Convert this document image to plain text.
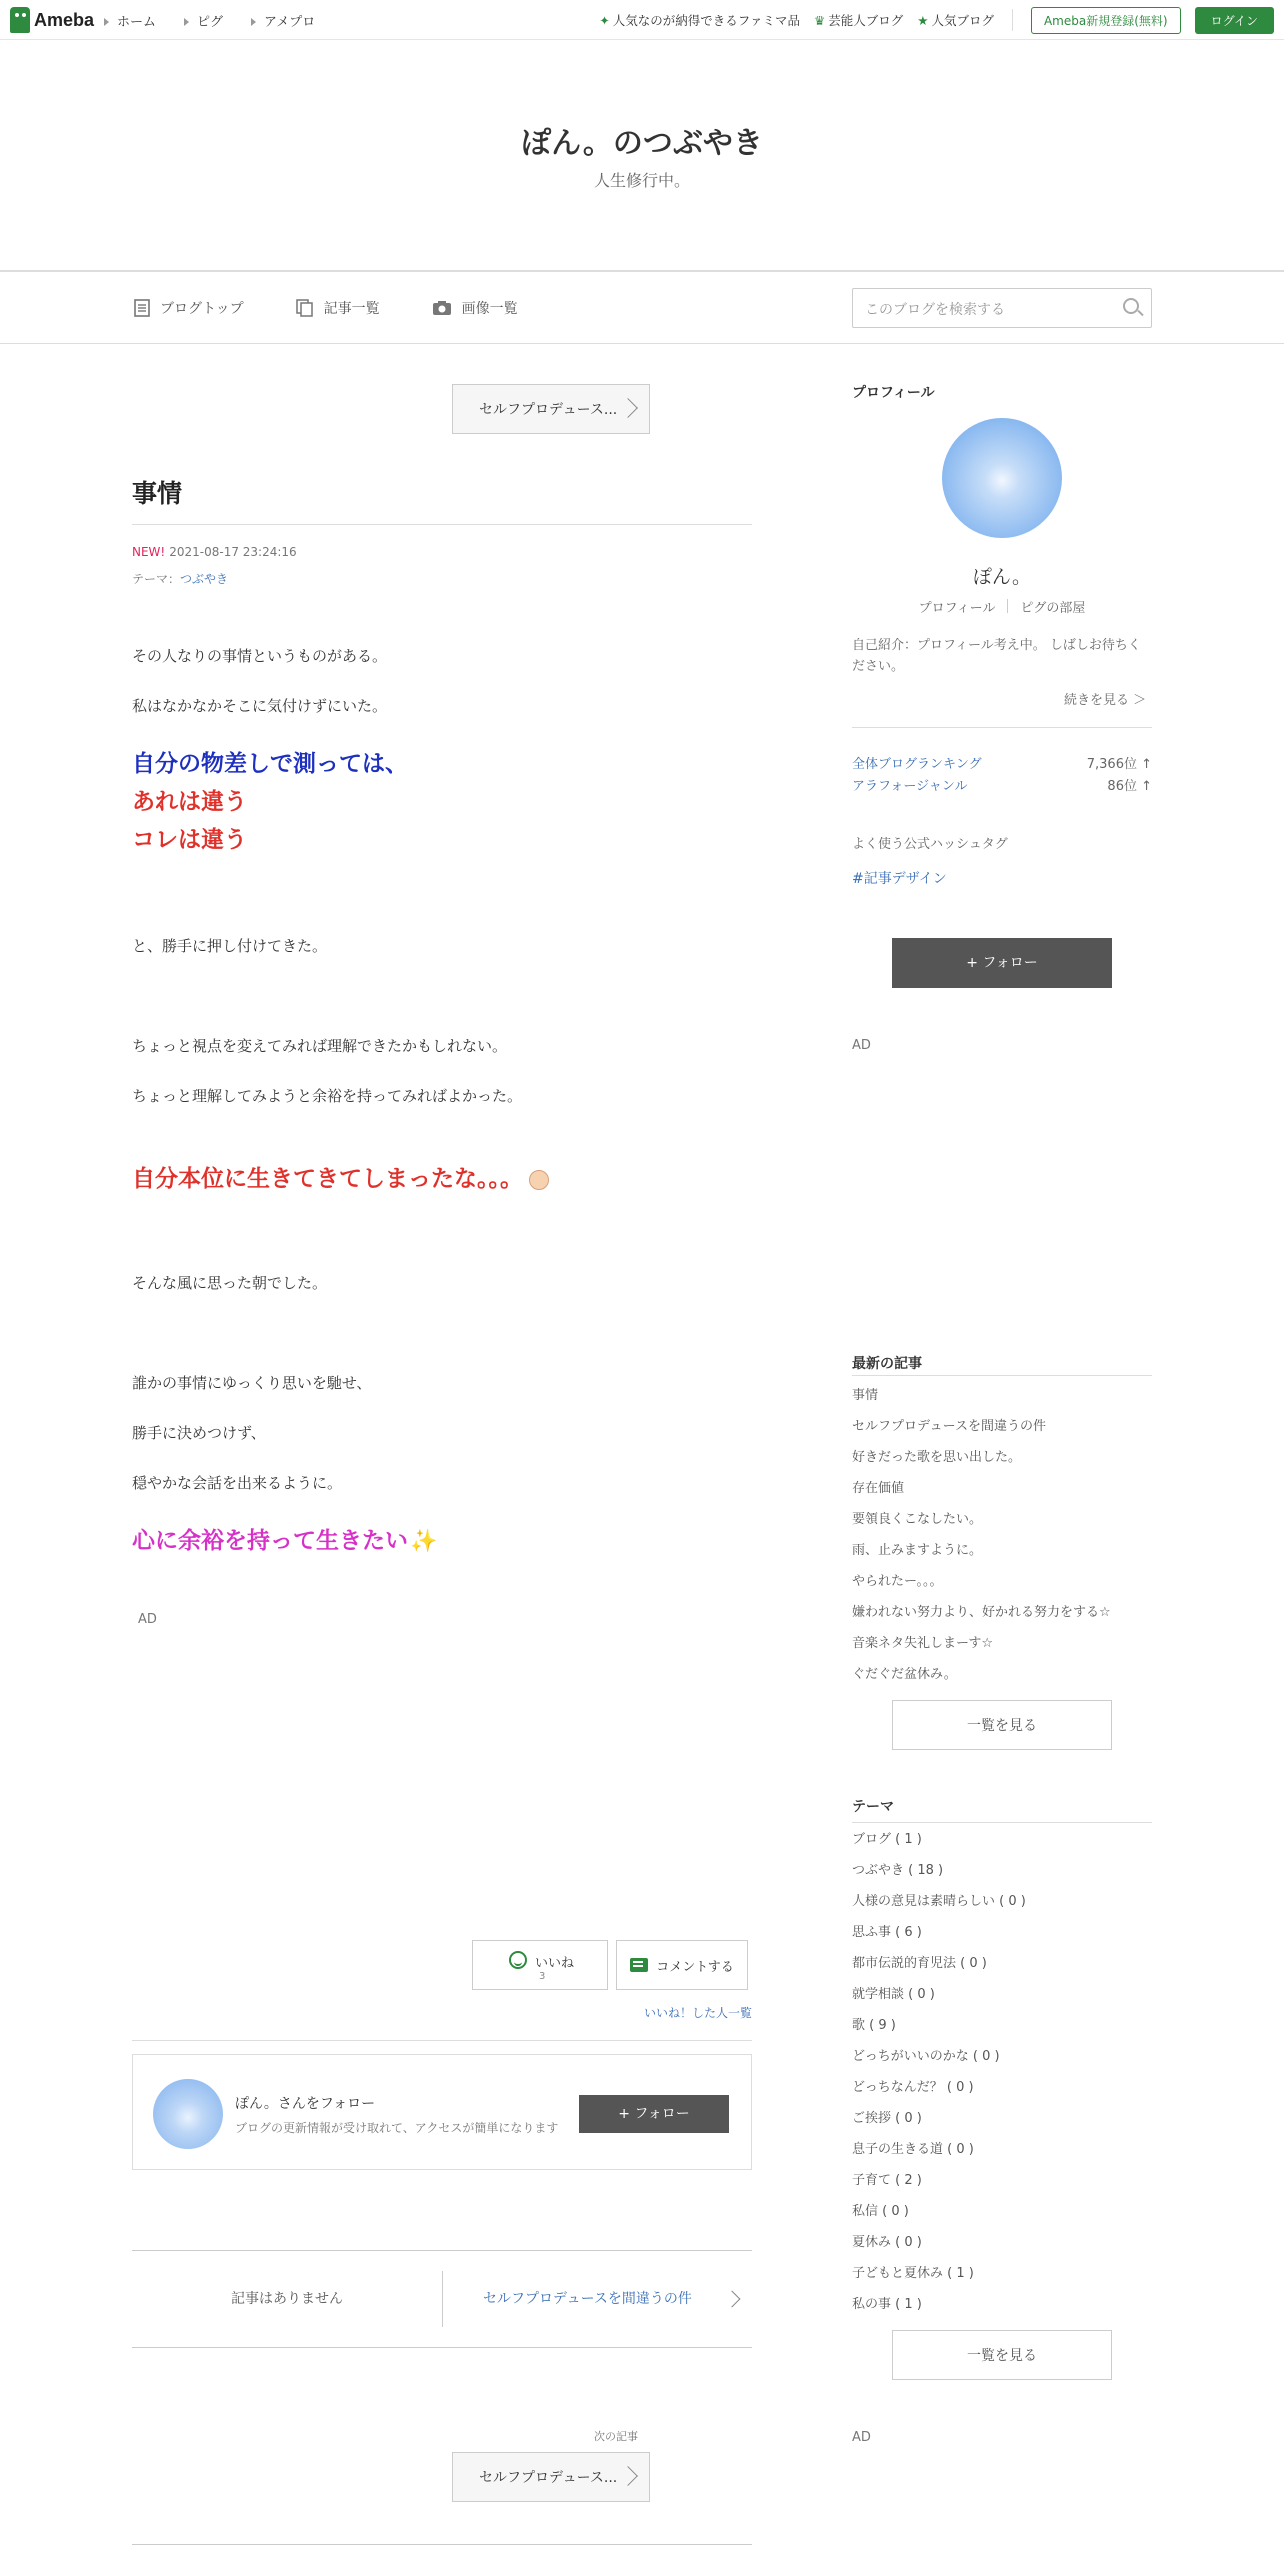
Ameba	ホーム	ピグ	アメプロ	✦ 人気なのが納得できるファミマ品 ♛ 芸能人ブログ ★ 人気ブログ	Ameba新規登録(無料)	ログイン
ぽん。のつぶやき
人生修行中。
ブログトップ	記事一覧	画像一覧	このブログを検索する
セルフプロデュース...
事情
NEW! 2021-08-17 23:24:16
テーマ：つぶやき
その人なりの事情というものがある。
私はなかなかそこに気付けずにいた。
自分の物差しで測っては、
あれは違う
コレは違う
と、勝手に押し付けてきた。
ちょっと視点を変えてみれば理解できたかもしれない。
ちょっと理解してみようと余裕を持ってみればよかった。
自分本位に生きてきてしまったな。。。
そんな風に思った朝でした。
誰かの事情にゆっくり思いを馳せ、
勝手に決めつけず、
穏やかな会話を出来るように。
心に余裕を持って生きたい✨
AD
いいね
3
コメントする
いいね！した人一覧
ぽん。さんをフォロー
ブログの更新情報が受け取れて、アクセスが簡単になります
+ フォロー
記事はありません	セルフプロデュースを間違うの件
次の記事
セルフプロデュース...
プロフィール
ぽん。
プロフィール ピグの部屋
自己紹介：プロフィール考え中。 しばしお待ちください。
続きを見る ＞
全体ブログランキング	7,366位 ↑
アラフォージャンル	86位 ↑
よく使う公式ハッシュタグ
#記事デザイン
+ フォロー
AD
最新の記事
事情
セルフプロデュースを間違うの件
好きだった歌を思い出した。
存在価値
要領良くこなしたい。
雨、止みますように。
やられたー。。。
嫌われない努力より、好かれる努力をする☆
音楽ネタ失礼しまーす☆
ぐだぐだ盆休み。
一覧を見る
テーマ
ブログ ( 1 )
つぶやき ( 18 )
人様の意見は素晴らしい ( 0 )
思ふ事 ( 6 )
都市伝説的育児法 ( 0 )
就学相談 ( 0 )
歌 ( 9 )
どっちがいいのかな ( 0 )
どっちなんだ？ ( 0 )
ご挨拶 ( 0 )
息子の生きる道 ( 0 )
子育て ( 2 )
私信 ( 0 )
夏休み ( 0 )
子どもと夏休み ( 1 )
私の事 ( 1 )
一覧を見る
AD
